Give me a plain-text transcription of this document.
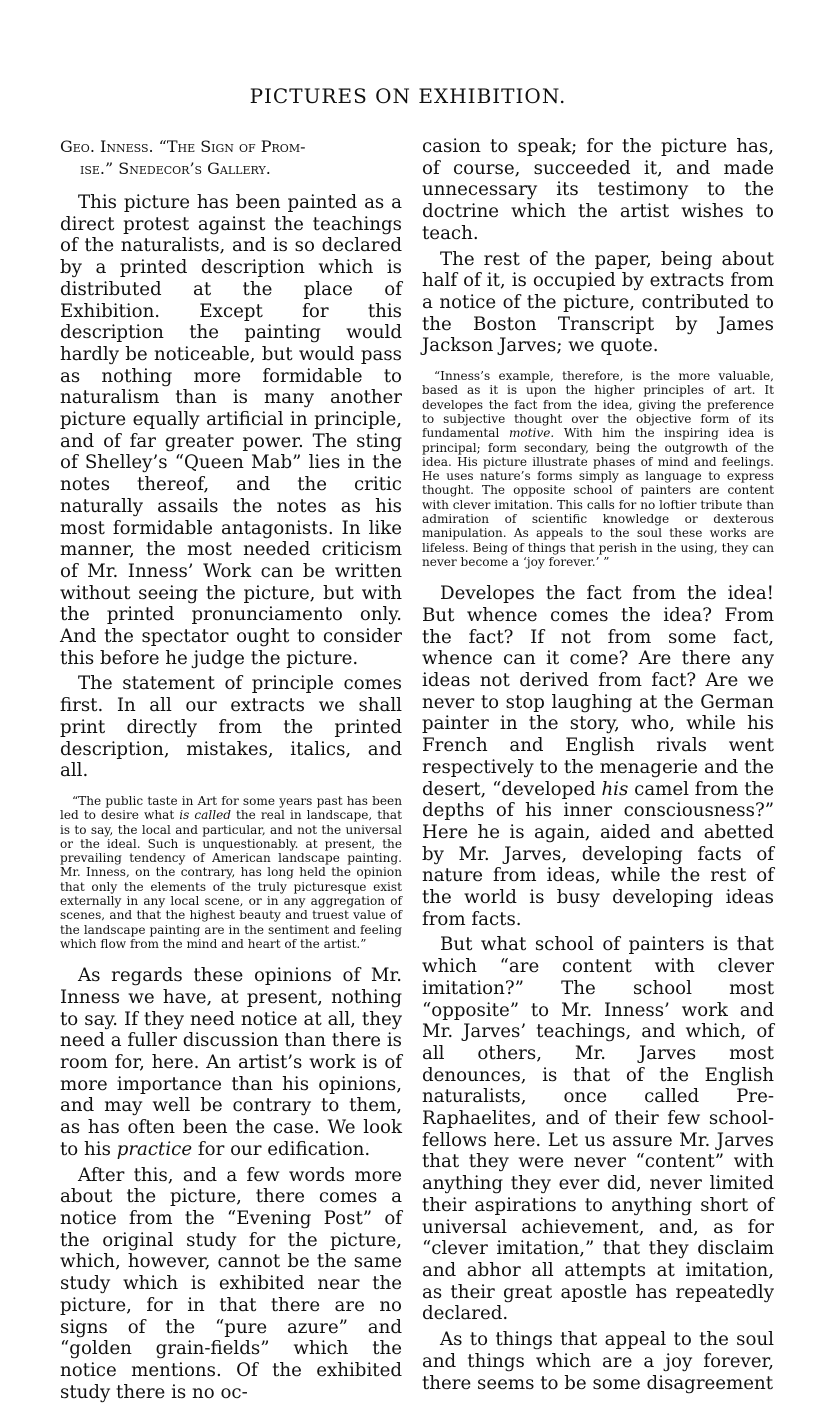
PICTURES ON EXHIBITION.
Geo. Inness. “The Sign of Prom-
ise.” Snedecor’s Gallery.

This picture has been painted as a direct protest against the teachings of the naturalists, and is so declared by a printed description which is distributed at the place of Exhibition. Except for this description the painting would hardly be noticeable, but would pass as nothing more formidable to naturalism than is many another picture equally artificial in principle, and of far greater power. The sting of Shelley’s “Queen Mab” lies in the notes thereof, and the critic naturally assails the notes as his most formidable antagonists. In like manner, the most needed criticism of Mr. Inness’ Work can be written without seeing the picture, but with the printed pronunciamento only. And the spectator ought to consider this before he judge the picture.

The statement of principle comes first. In all our extracts we shall print directly from the printed description, mistakes, italics, and all.

“The public taste in Art for some years past has been led to desire what is called the real in landscape, that is to say, the local and particular, and not the universal or the ideal. Such is unquestionably. at present, the prevailing tendency of American landscape painting. Mr. Inness, on the contrary, has long held the opinion that only the elements of the truly picturesque exist externally in any local scene, or in any aggregation of scenes, and that the highest beauty and truest value of the landscape painting are in the sentiment and feeling which flow from the mind and heart of the artist.”

As regards these opinions of Mr. Inness we have, at present, nothing to say. If they need notice at all, they need a fuller discussion than there is room for, here. An artist’s work is of more importance than his opinions, and may well be contrary to them, as has often been the case. We look to his practice for our edification.

After this, and a few words more about the picture, there comes a notice from the “Evening Post” of the original study for the picture, which, however, cannot be the same study which is exhibited near the picture, for in that there are no signs of the “pure azure” and “golden grain-fields” which the notice mentions. Of the exhibited study there is no oc-

casion to speak; for the picture has, of course, succeeded it, and made unnecessary its testimony to the doctrine which the artist wishes to teach.

The rest of the paper, being about half of it, is occupied by extracts from a notice of the picture, contributed to the Boston Transcript by James Jackson Jarves; we quote.

“Inness’s example, therefore, is the more valuable, based as it is upon the higher principles of art. It developes the fact from the idea, giving the preference to subjective thought over the objective form of its fundamental motive. With him the inspiring idea is principal; form secondary, being the outgrowth of the idea. His picture illustrate phases of mind and feelings. He uses nature’s forms simply as language to express thought. The opposite school of painters are content with clever imitation. This calls for no loftier tribute than admiration of scientific knowledge or dexterous manipulation. As appeals to the soul these works are lifeless. Being of things that perish in the using, they can never become a ‘joy forever.’ ”

Developes the fact from the idea! But whence comes the idea? From the fact? If not from some fact, whence can it come? Are there any ideas not derived from fact? Are we never to stop laughing at the German painter in the story, who, while his French and English rivals went respectively to the menagerie and the desert, “developed his camel from the depths of his inner consciousness?” Here he is again, aided and abetted by Mr. Jarves, developing facts of nature from ideas, while the rest of the world is busy developing ideas from facts.

But what school of painters is that which “are content with clever imitation?” The school most “opposite” to Mr. Inness’ work and Mr. Jarves’ teachings, and which, of all others, Mr. Jarves most denounces, is that of the English naturalists, once called Pre-Raphaelites, and of their few school-fellows here. Let us assure Mr. Jarves that they were never “content” with anything they ever did, never limited their aspirations to anything short of universal achievement, and, as for “clever imitation,” that they disclaim and abhor all attempts at imitation, as their great apostle has repeatedly declared.

As to things that appeal to the soul and things which are a joy forever, there seems to be some disagreement
